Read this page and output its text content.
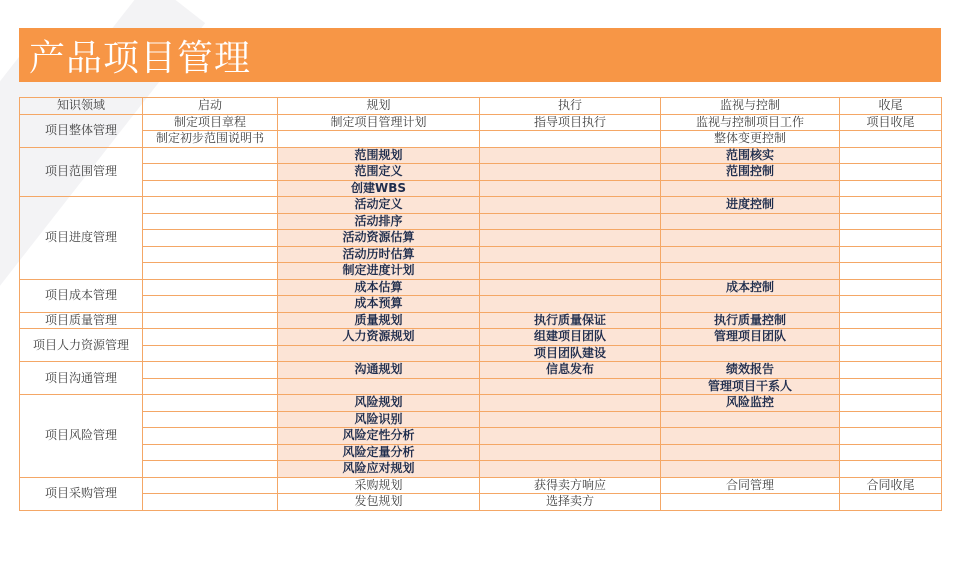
产品项目管理
知识领域	启动	规划	执行	监视与控制	收尾
项目整体管理	制定项目章程	制定项目管理计划	指导项目执行	监视与控制项目工作	项目收尾
	制定初步范围说明书			整体变更控制	
项目范围管理		范围规划		范围核实	
		范围定义		范围控制	
		创建WBS			
项目进度管理		活动定义		进度控制	
		活动排序			
		活动资源估算			
		活动历时估算			
		制定进度计划			
项目成本管理		成本估算		成本控制	
		成本预算			
项目质量管理		质量规划	执行质量保证	执行质量控制	
项目人力资源管理		人力资源规划	组建项目团队	管理项目团队	
			项目团队建设		
项目沟通管理		沟通规划	信息发布	绩效报告	
				管理项目干系人	
项目风险管理		风险规划		风险监控	
		风险识别			
		风险定性分析			
		风险定量分析			
		风险应对规划			
项目采购管理		采购规划	获得卖方响应	合同管理	合同收尾
		发包规划	选择卖方		
